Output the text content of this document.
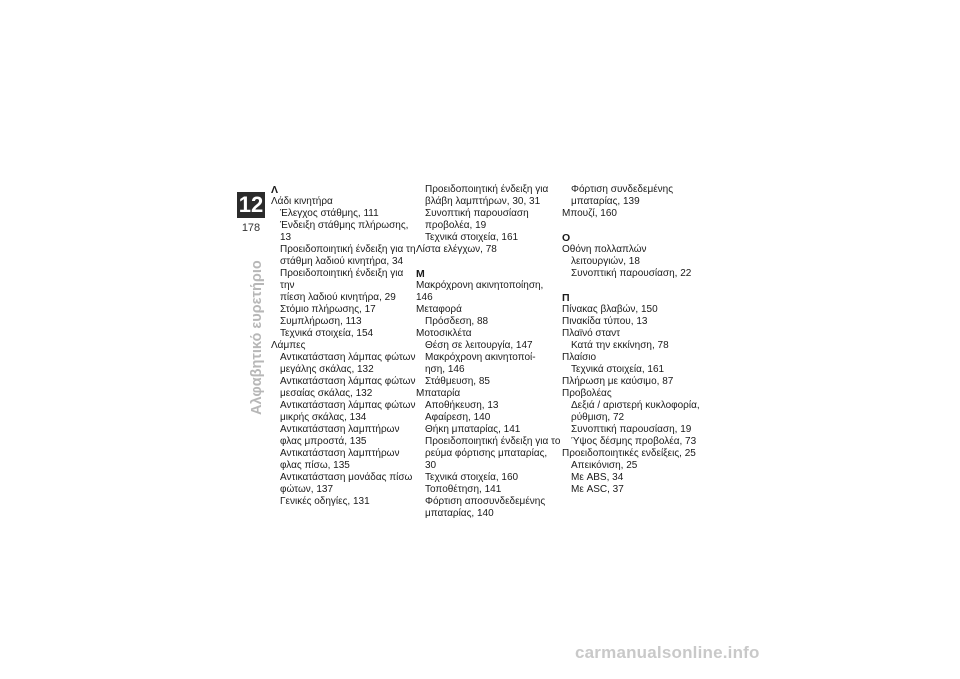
12
178
Αλφαβητικό ευρετήριο
Λ
Λάδι κινητήρα
Έλεγχος στάθμης, 111
Ένδειξη στάθμης πλήρωσης, 13
Προειδοποιητική ένδειξη για τη
στάθμη λαδιού κινητήρα, 34
Προειδοποιητική ένδειξη για την
πίεση λαδιού κινητήρα, 29
Στόμιο πλήρωσης, 17
Συμπλήρωση, 113
Τεχνικά στοιχεία, 154
Λάμπες
Αντικατάσταση λάμπας φώτων
μεγάλης σκάλας, 132
Αντικατάσταση λάμπας φώτων
μεσαίας σκάλας, 132
Αντικατάσταση λάμπας φώτων
μικρής σκάλας, 134
Αντικατάσταση λαμπτήρων
φλας μπροστά, 135
Αντικατάσταση λαμπτήρων
φλας πίσω, 135
Αντικατάσταση μονάδας πίσω
φώτων, 137
Γενικές οδηγίες, 131
Προειδοποιητική ένδειξη για
βλάβη λαμπτήρων, 30, 31
Συνοπτική παρουσίαση
προβολέα, 19
Τεχνικά στοιχεία, 161
Λίστα ελέγχων, 78
Μ
Μακρόχρονη ακινητοποίηση, 146
Μεταφορά
Πρόσδεση, 88
Μοτοσικλέτα
Θέση σε λειτουργία, 147
Μακρόχρονη ακινητοποί-
ηση, 146
Στάθμευση, 85
Μπαταρία
Αποθήκευση, 13
Αφαίρεση, 140
Θήκη μπαταρίας, 141
Προειδοποιητική ένδειξη για το
ρεύμα φόρτισης μπαταρίας, 30
Τεχνικά στοιχεία, 160
Τοποθέτηση, 141
Φόρτιση αποσυνδεδεμένης
μπαταρίας, 140
Φόρτιση συνδεδεμένης
μπαταρίας, 139
Μπουζί, 160
Ο
Οθόνη πολλαπλών
λειτουργιών, 18
Συνοπτική παρουσίαση, 22
Π
Πίνακας βλαβών, 150
Πινακίδα τύπου, 13
Πλαϊνό σταντ
Κατά την εκκίνηση, 78
Πλαίσιο
Τεχνικά στοιχεία, 161
Πλήρωση με καύσιμο, 87
Προβολέας
Δεξιά / αριστερή κυκλοφορία,
ρύθμιση, 72
Συνοπτική παρουσίαση, 19
Ύψος δέσμης προβολέα, 73
Προειδοποιητικές ενδείξεις, 25
Απεικόνιση, 25
Με ABS, 34
Με ASC, 37
carmanualsonline.info
